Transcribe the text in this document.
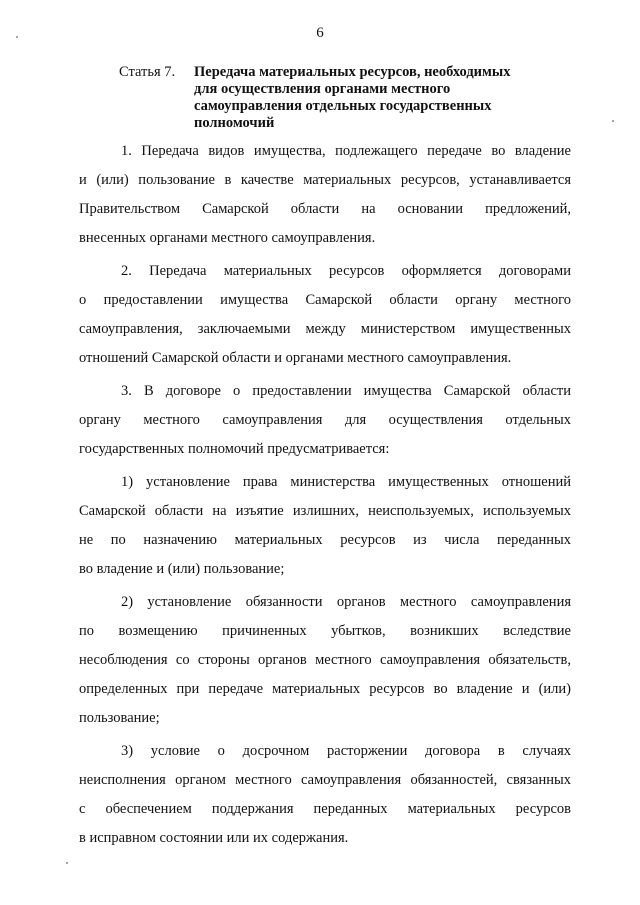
6
Статья 7. Передача материальных ресурсов, необходимых
для осуществления органами местного
самоуправления отдельных государственных
полномочий
1. Передача видов имущества, подлежащего передаче во владение
и (или) пользование в качестве материальных ресурсов, устанавливается
Правительством Самарской области на основании предложений,
внесенных органами местного самоуправления.
2. Передача материальных ресурсов оформляется договорами
о предоставлении имущества Самарской области органу местного
самоуправления, заключаемыми между министерством имущественных
отношений Самарской области и органами местного самоуправления.
3. В договоре о предоставлении имущества Самарской области
органу местного самоуправления для осуществления отдельных
государственных полномочий предусматривается:
1) установление права министерства имущественных отношений
Самарской области на изъятие излишних, неиспользуемых, используемых
не по назначению материальных ресурсов из числа переданных
во владение и (или) пользование;
2) установление обязанности органов местного самоуправления
по возмещению причиненных убытков, возникших вследствие
несоблюдения со стороны органов местного самоуправления обязательств,
определенных при передаче материальных ресурсов во владение и (или)
пользование;
3) условие о досрочном расторжении договора в случаях
неисполнения органом местного самоуправления обязанностей, связанных
с обеспечением поддержания переданных материальных ресурсов
в исправном состоянии или их содержания.
